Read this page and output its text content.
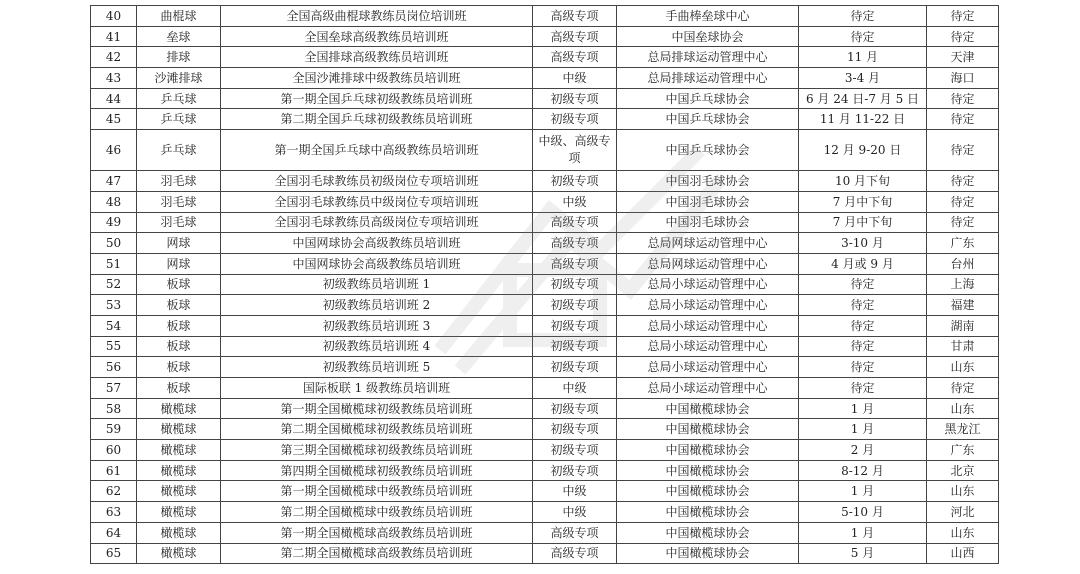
40	曲棍球	全国高级曲棍球教练员岗位培训班	高级专项	手曲棒垒球中心	待定	待定
41	垒球	全国垒球高级教练员培训班	高级专项	中国垒球协会	待定	待定
42	排球	全国排球高级教练员培训班	高级专项	总局排球运动管理中心	11 月	天津
43	沙滩排球	全国沙滩排球中级教练员培训班	中级	总局排球运动管理中心	3-4 月	海口
44	乒乓球	第一期全国乒乓球初级教练员培训班	初级专项	中国乒乓球协会	6 月 24 日-7 月 5 日	待定
45	乒乓球	第二期全国乒乓球初级教练员培训班	初级专项	中国乒乓球协会	11 月 11-22 日	待定
46	乒乓球	第一期全国乒乓球中高级教练员培训班	中级、高级专项	中国乒乓球协会	12 月 9-20 日	待定
47	羽毛球	全国羽毛球教练员初级岗位专项培训班	初级专项	中国羽毛球协会	10 月下旬	待定
48	羽毛球	全国羽毛球教练员中级岗位专项培训班	中级	中国羽毛球协会	7 月中下旬	待定
49	羽毛球	全国羽毛球教练员高级岗位专项培训班	高级专项	中国羽毛球协会	7 月中下旬	待定
50	网球	中国网球协会高级教练员培训班	高级专项	总局网球运动管理中心	3-10 月	广东
51	网球	中国网球协会高级教练员培训班	高级专项	总局网球运动管理中心	4 月或 9 月	台州
52	板球	初级教练员培训班 1	初级专项	总局小球运动管理中心	待定	上海
53	板球	初级教练员培训班 2	初级专项	总局小球运动管理中心	待定	福建
54	板球	初级教练员培训班 3	初级专项	总局小球运动管理中心	待定	湖南
55	板球	初级教练员培训班 4	初级专项	总局小球运动管理中心	待定	甘肃
56	板球	初级教练员培训班 5	初级专项	总局小球运动管理中心	待定	山东
57	板球	国际板联 1 级教练员培训班	中级	总局小球运动管理中心	待定	待定
58	橄榄球	第一期全国橄榄球初级教练员培训班	初级专项	中国橄榄球协会	1 月	山东
59	橄榄球	第二期全国橄榄球初级教练员培训班	初级专项	中国橄榄球协会	1 月	黑龙江
60	橄榄球	第三期全国橄榄球初级教练员培训班	初级专项	中国橄榄球协会	2 月	广东
61	橄榄球	第四期全国橄榄球初级教练员培训班	初级专项	中国橄榄球协会	8-12 月	北京
62	橄榄球	第一期全国橄榄球中级教练员培训班	中级	中国橄榄球协会	1 月	山东
63	橄榄球	第二期全国橄榄球中级教练员培训班	中级	中国橄榄球协会	5-10 月	河北
64	橄榄球	第一期全国橄榄球高级教练员培训班	高级专项	中国橄榄球协会	1 月	山东
65	橄榄球	第二期全国橄榄球高级教练员培训班	高级专项	中国橄榄球协会	5 月	山西
